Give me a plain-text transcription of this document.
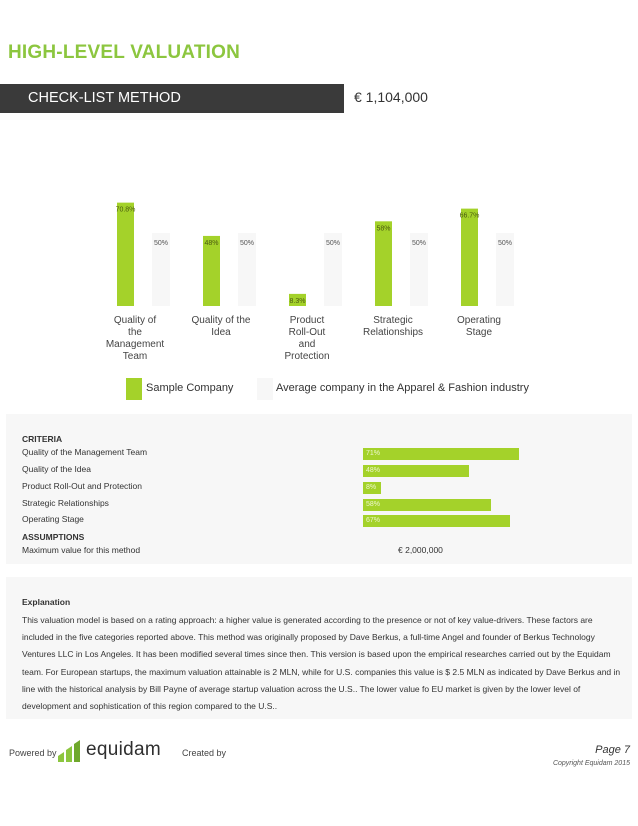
HIGH-LEVEL VALUATION
CHECK-LIST METHOD	€ 1,104,000
50%
70.8%
50%
48%	50%
8.3%
50%
58%
50%
66.7%
Quality of
the
Management
Team
Quality of the
Idea
Product
Roll-Out
and
Protection
Strategic
Relationships
Operating
Stage
Sample Company	Average company in the Apparel & Fashion industry
CRITERIA
Quality of the Management Team	71%
Quality of the Idea	48%
Product Roll-Out and Protection	8%
Strategic Relationships	58%
Operating Stage	67%
ASSUMPTIONS
Maximum value for this method	€ 2,000,000
Explanation
This valuation model is based on a rating approach: a higher value is generated according to the presence or not of key value-drivers. These factors are included in the five categories reported above. This method was originally proposed by Dave Berkus, a full-time Angel and founder of Berkus Technology Ventures LLC in Los Angeles. It has been modified several times since then. This version is based upon the empirical researches carried out by the Equidam team. For European startups, the maximum valuation attainable is 2 MLN, while for U.S. companies this value is $ 2.5 MLN as indicated by Dave Berkus and in line with the historical analysis by Bill Payne of average startup valuation across the U.S.. The lower value fo EU market is given by the lower level of development and sophistication of this region compared to the U.S..
Powered by equidam Created by	Page 7
Copyright Equidam 2015
